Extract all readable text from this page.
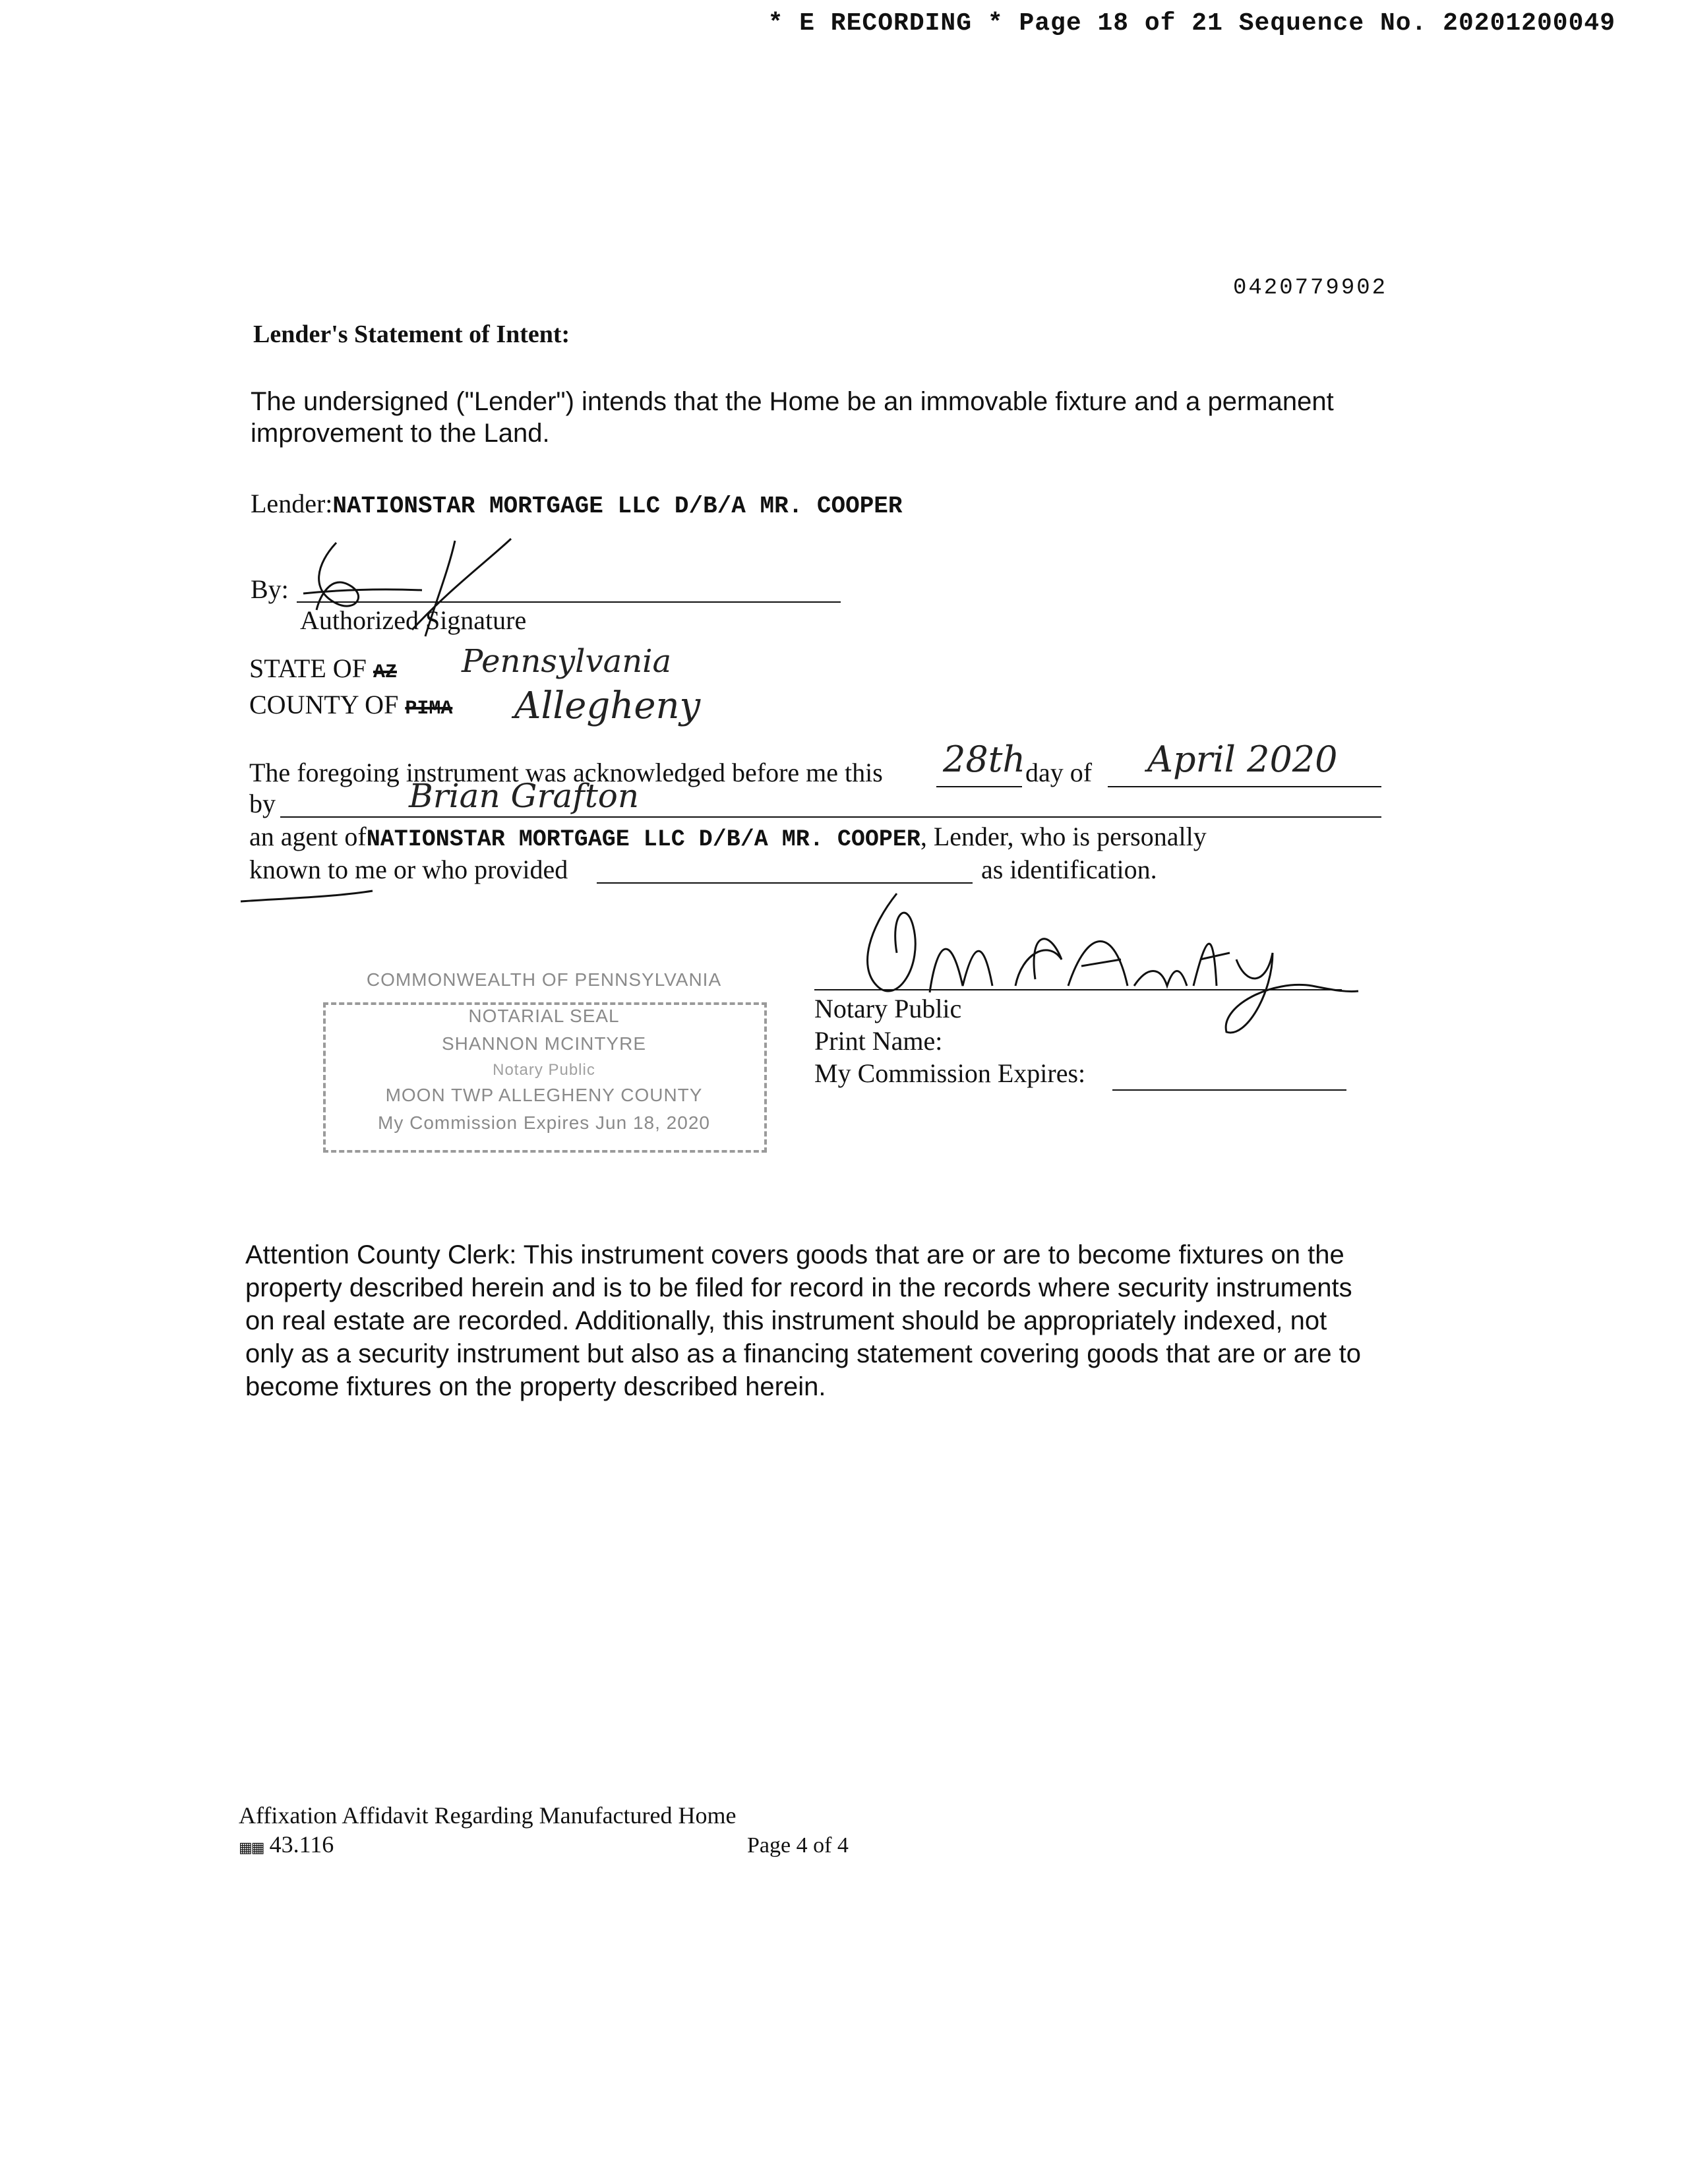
* E RECORDING * Page 18 of 21 Sequence No. 20201200049
0420779902
Lender's Statement of Intent:
The undersigned ("Lender") intends that the Home be an immovable fixture and a permanent improvement to the Land.
Lender:NATIONSTAR MORTGAGE LLC D/B/A MR. COOPER
By:
Authorized Signature
STATE OF AZ Pennsylvania
COUNTY OF PIMA Allegheny
The foregoing instrument was acknowledged before me this 28th day of April 2020
by	Brian Grafton
an agent ofNATIONSTAR MORTGAGE LLC D/B/A MR. COOPER, Lender, who is personally
known to me or who provided	as identification.
COMMONWEALTH OF PENNSYLVANIA
NOTARIAL SEAL
SHANNON MCINTYRE
Notary Public
MOON TWP ALLEGHENY COUNTY
My Commission Expires Jun 18, 2020
Notary Public
Print Name:
My Commission Expires:
Attention County Clerk: This instrument covers goods that are or are to become fixtures on the property described herein and is to be filed for record in the records where security instruments on real estate are recorded. Additionally, this instrument should be appropriately indexed, not only as a security instrument but also as a financing statement covering goods that are or are to become fixtures on the property described herein.
Affixation Affidavit Regarding Manufactured Home
▦▦ 43.116	Page 4 of 4
